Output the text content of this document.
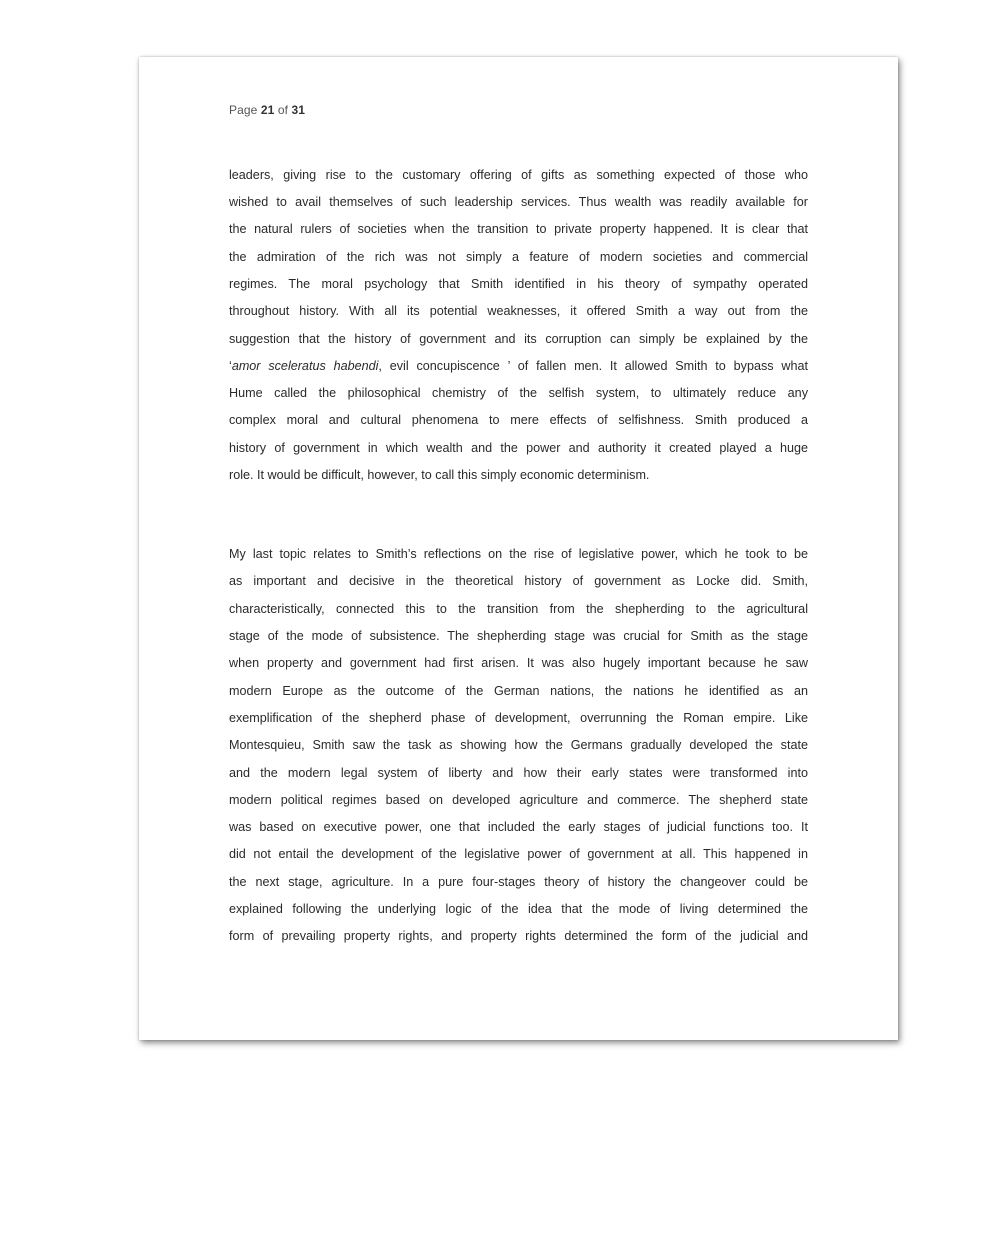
Page 21 of 31
leaders, giving rise to the customary offering of gifts as something expected of those who
wished to avail themselves of such leadership services. Thus wealth was readily available for
the natural rulers of societies when the transition to private property happened. It is clear that
the admiration of the rich was not simply a feature of modern societies and commercial
regimes. The moral psychology that Smith identified in his theory of sympathy operated
throughout history. With all its potential weaknesses, it offered Smith a way out from the
suggestion that the history of government and its corruption can simply be explained by the
‘amor sceleratus habendi, evil concupiscence ’ of fallen men. It allowed Smith to bypass what
Hume called the philosophical chemistry of the selfish system, to ultimately reduce any
complex moral and cultural phenomena to mere effects of selfishness. Smith produced a
history of government in which wealth and the power and authority it created played a huge
role. It would be difficult, however, to call this simply economic determinism.
My last topic relates to Smith’s reflections on the rise of legislative power, which he took to be
as important and decisive in the theoretical history of government as Locke did. Smith,
characteristically, connected this to the transition from the shepherding to the agricultural
stage of the mode of subsistence. The shepherding stage was crucial for Smith as the stage
when property and government had first arisen. It was also hugely important because he saw
modern Europe as the outcome of the German nations, the nations he identified as an
exemplification of the shepherd phase of development, overrunning the Roman empire. Like
Montesquieu, Smith saw the task as showing how the Germans gradually developed the state
and the modern legal system of liberty and how their early states were transformed into
modern political regimes based on developed agriculture and commerce. The shepherd state
was based on executive power, one that included the early stages of judicial functions too. It
did not entail the development of the legislative power of government at all. This happened in
the next stage, agriculture. In a pure four-stages theory of history the changeover could be
explained following the underlying logic of the idea that the mode of living determined the
form of prevailing property rights, and property rights determined the form of the judicial and
